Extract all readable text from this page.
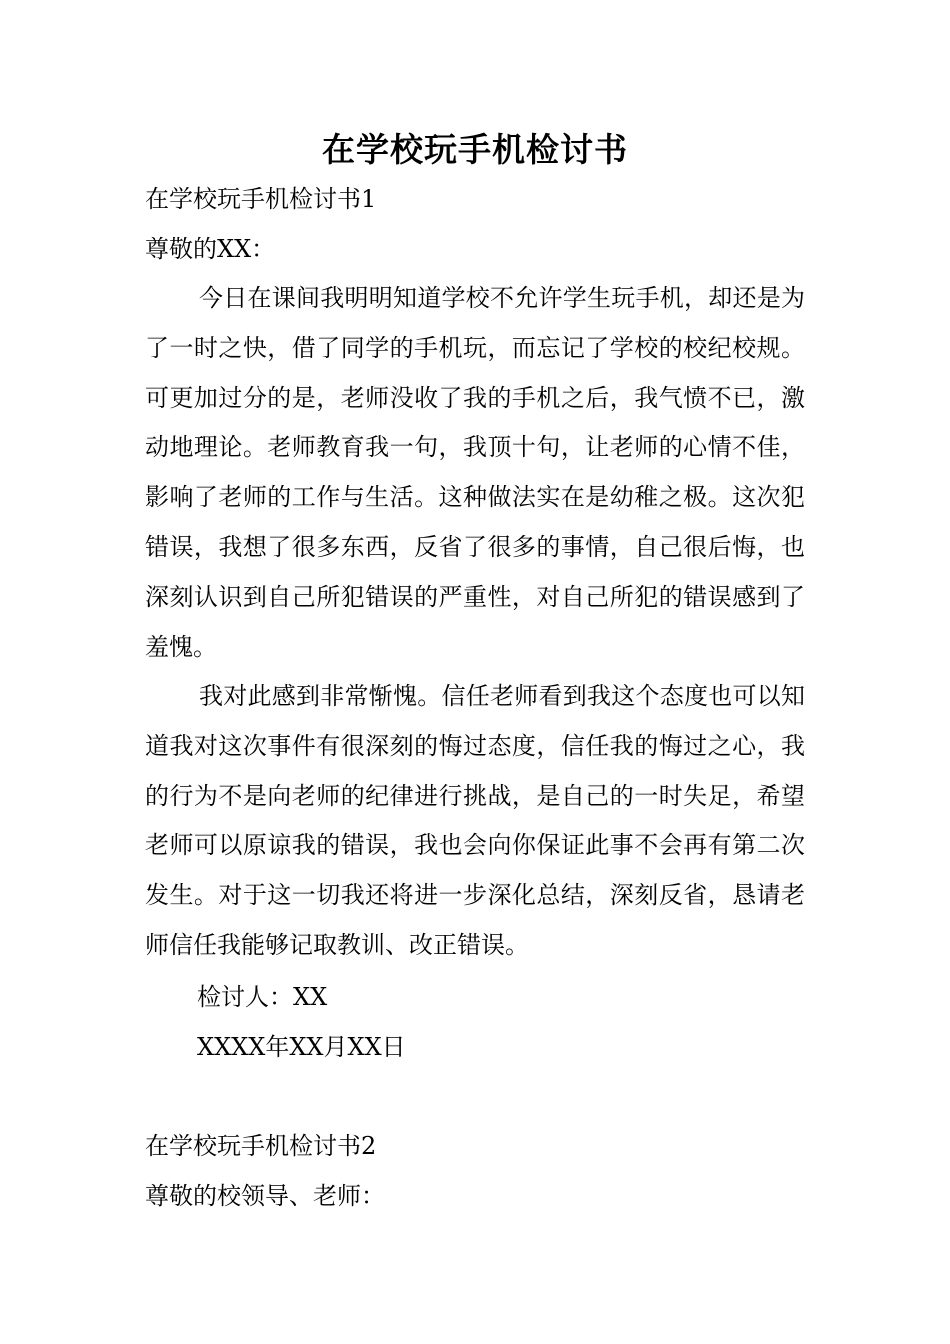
在学校玩手机检讨书
在学校玩手机检讨书1
尊敬的XX：
今日在课间我明明知道学校不允许学生玩手机，却还是为了一时之快，借了同学的手机玩，而忘记了学校的校纪校规。可更加过分的是，老师没收了我的手机之后，我气愤不已，激动地理论。老师教育我一句，我顶十句，让老师的心情不佳，影响了老师的工作与生活。这种做法实在是幼稚之极。这次犯错误，我想了很多东西，反省了很多的事情，自己很后悔，也深刻认识到自己所犯错误的严重性，对自己所犯的错误感到了羞愧。
我对此感到非常惭愧。信任老师看到我这个态度也可以知道我对这次事件有很深刻的悔过态度，信任我的悔过之心，我的行为不是向老师的纪律进行挑战，是自己的一时失足，希望老师可以原谅我的错误，我也会向你保证此事不会再有第二次发生。对于这一切我还将进一步深化总结，深刻反省，恳请老师信任我能够记取教训、改正错误。
检讨人：XX
XXXX年XX月XX日
在学校玩手机检讨书2
尊敬的校领导、老师：
